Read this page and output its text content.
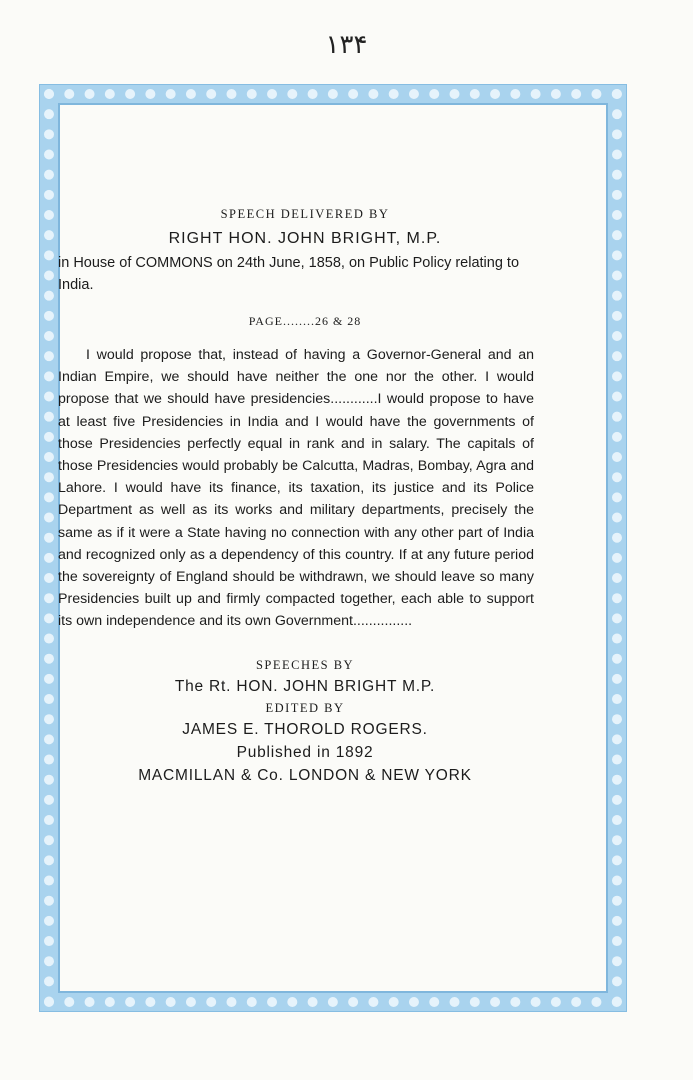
۱۳۴

SPEECH DELIVERED BY

RIGHT HON. JOHN BRIGHT, M.P.

in House of COMMONS on 24th June, 1858, on Public Policy relating to India.

PAGE........26 & 28

I would propose that, instead of having a Governor-General and an Indian Empire, we should have neither the one nor the other. I would propose that we should have presidencies............I would propose to have at least five Presidencies in India and I would have the governments of those Presidencies perfectly equal in rank and in salary. The capitals of those Presidencies would probably be Calcutta, Madras, Bombay, Agra and Lahore. I would have its finance, its taxation, its justice and its Police Department as well as its works and military departments, precisely the same as if it were a State having no connection with any other part of India and recognized only as a dependency of this country. If at any future period the sovereignty of England should be withdrawn, we should leave so many Presidencies built up and firmly compacted together, each able to support its own independence and its own Government...............

SPEECHES BY

The Rt. HON. JOHN BRIGHT M.P.

EDITED BY

JAMES E. THOROLD ROGERS.

Published in 1892

MACMILLAN & Co. LONDON & NEW YORK
